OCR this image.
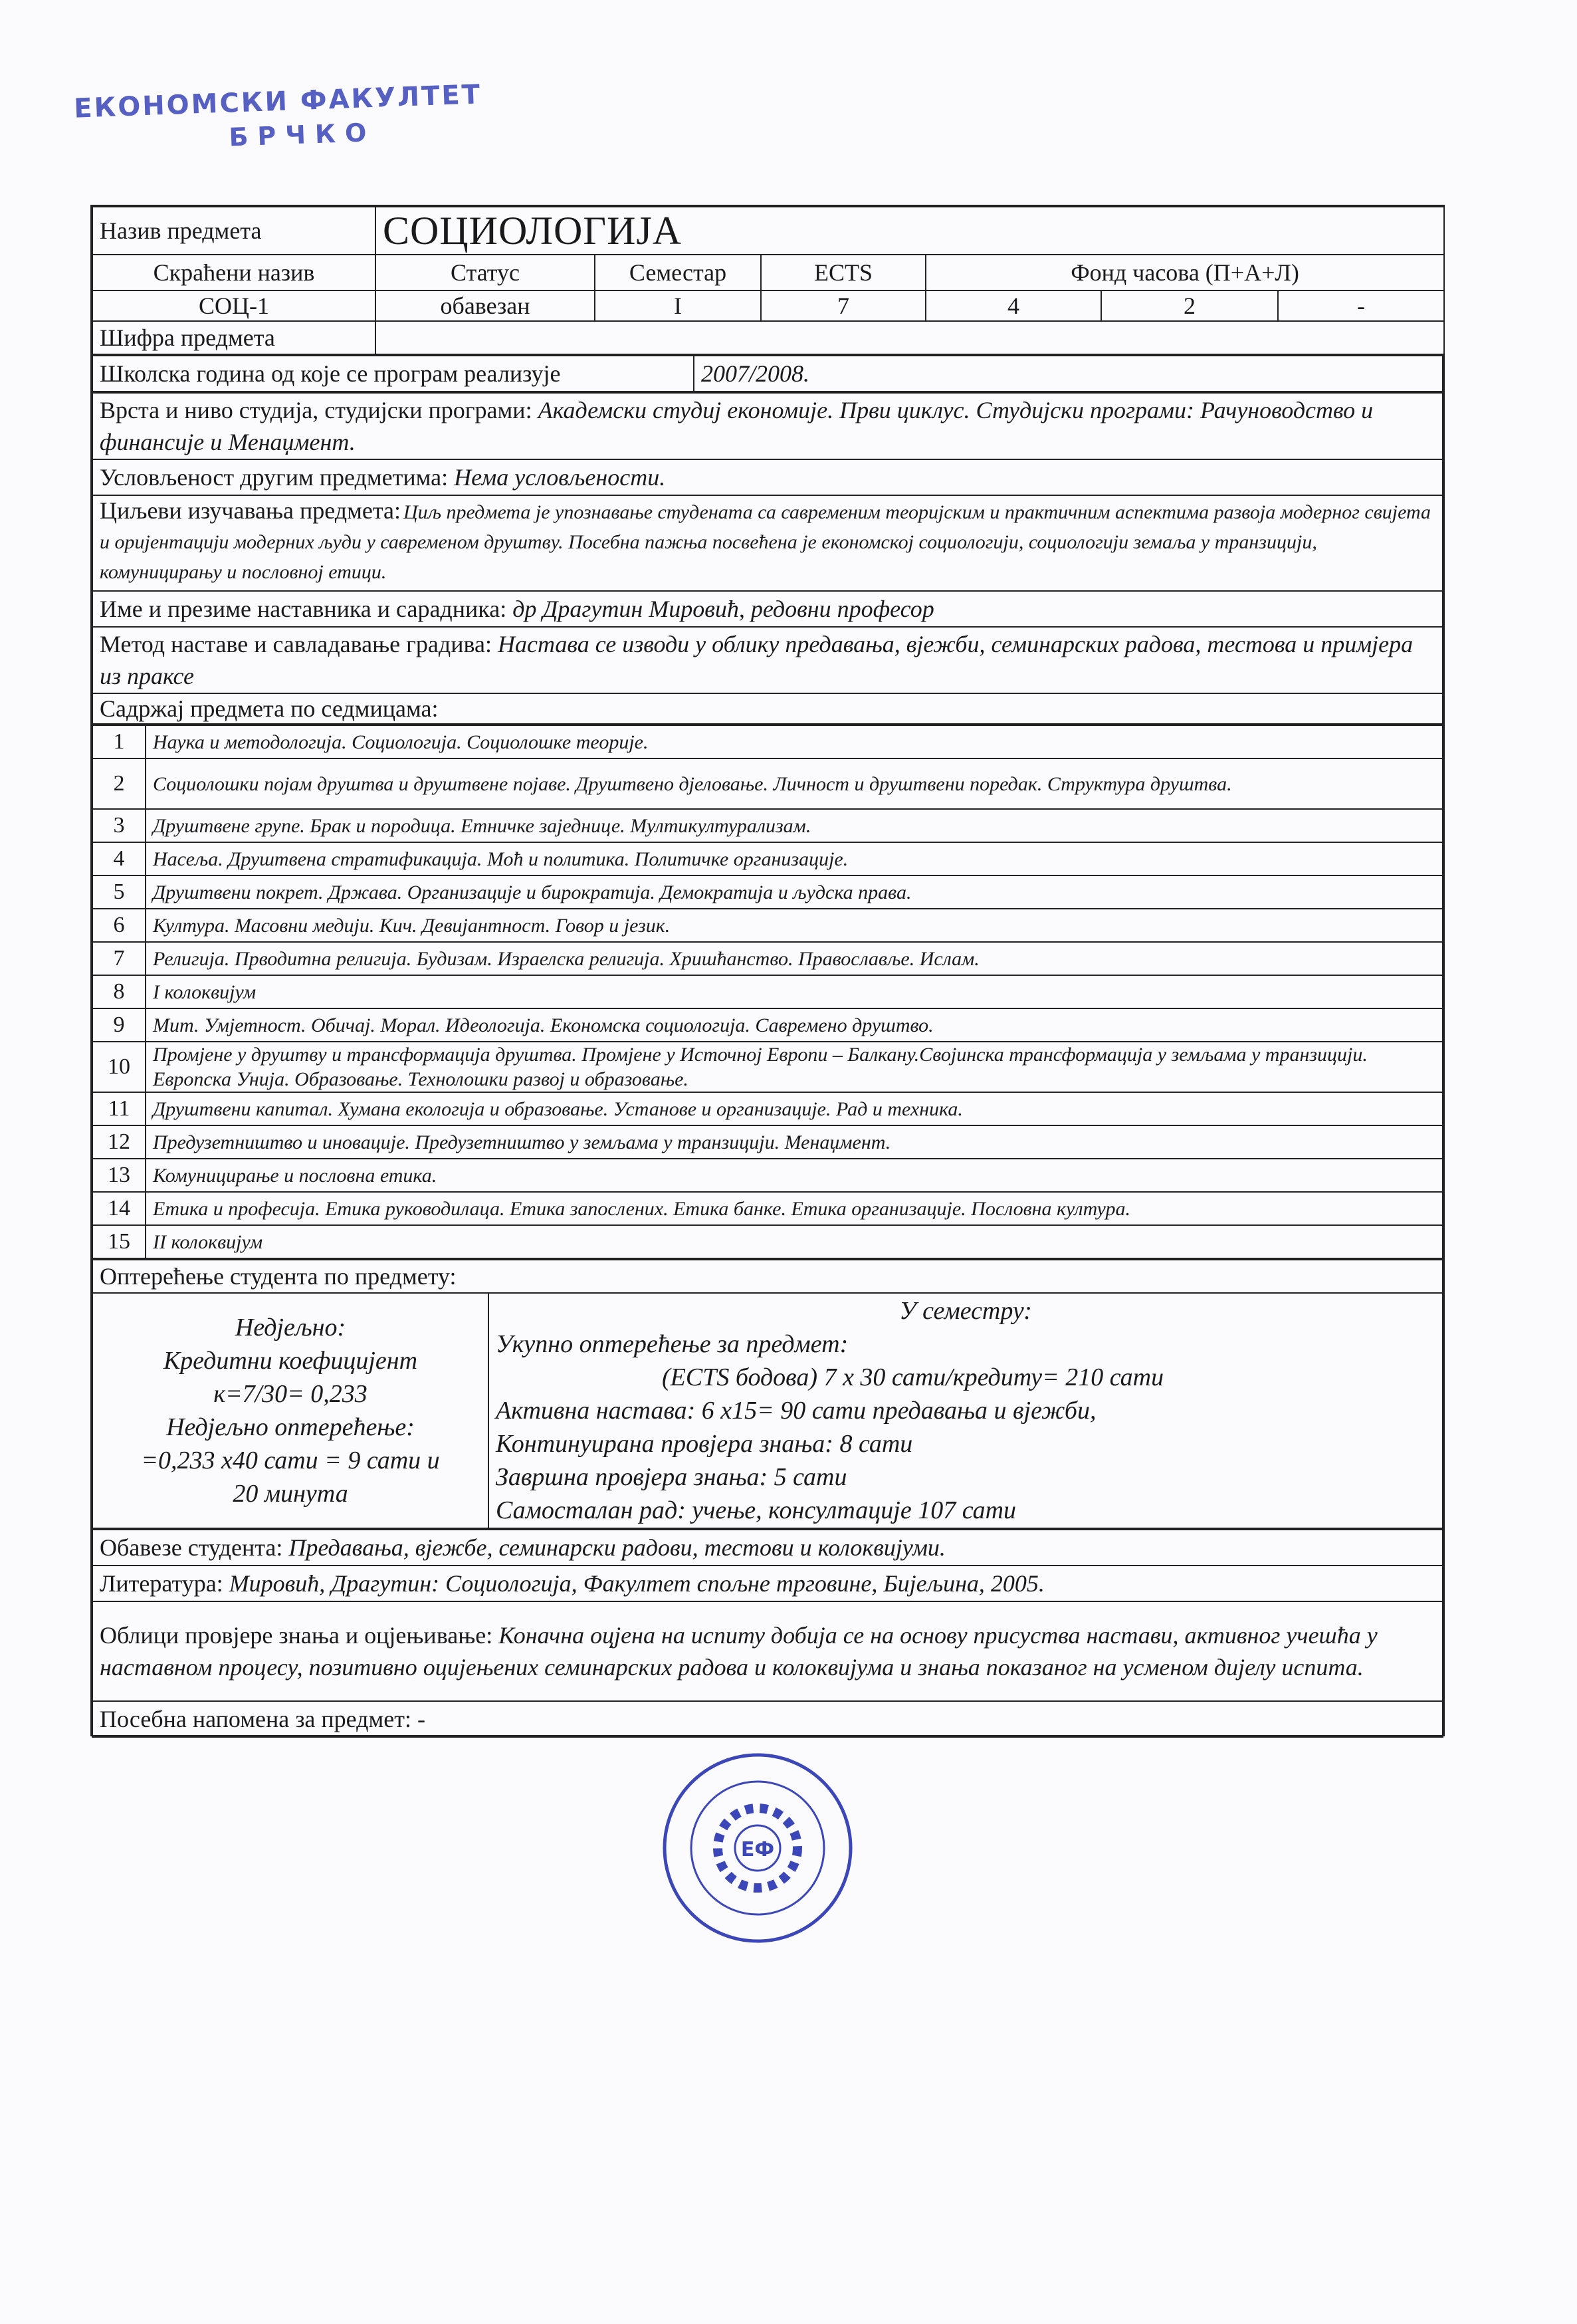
ЕКОНОМСКИ ФАКУЛТЕТ
БРЧКО
Назив предмета	СОЦИОЛОГИЈА					
Скраћени назив	Статус	Семестар	ECTS	Фонд часова (П+А+Л)		
СОЦ-1	обавезан	I	7	4	2	-
Шифра предмета						
Школска година од које се програм реализује	2007/2008.
Врста и ниво студија, студијски програми: Академски студиј економије. Први циклус. Студијски програми: Рачуноводство и финансије и Менаџмент.
Условљеност другим предметима: Нема условљености.
Циљеви изучавања предмета: Циљ предмета је упознавање студената са савременим теоријским и практичним аспектима развоја модерног свијета и оријентацији модерних људи у савременом друштву. Посебна пажња посвећена је економској социологији, социологији земаља у транзицији, комуницирању и пословној етици.
Име и презиме наставника и сарадника: др Драгутин Мировић, редовни професор
Метод наставе и савладавање градива: Настава се изводи у облику предавања, вјежби, семинарских радова, тестова и примјера из праксе
Садржај предмета по седмицама:
1	Наука и методологија. Социологија. Социолошке теорије.
2	Социолошки појам друштва и друштвене појаве. Друштвено дјеловање. Личност и друштвени поредак. Структура друштва.
3	Друштвене групе. Брак и породица. Етничке заједнице. Мултикултурализам.
4	Насеља. Друштвена стратификација. Моћ и политика. Политичке организације.
5	Друштвени покрет. Држава. Организације и бирократија. Демократија и људска права.
6	Култура. Масовни медији. Кич. Девијантност. Говор и језик.
7	Религија. Прводитна религија. Будизам. Израелска религија. Хришћанство. Православље. Ислам.
8	I колоквијум
9	Мит. Умјетност. Обичај. Морал. Идеологија. Економска социологија. Савремено друштво.
10	Промјене у друштву и трансформација друштва. Промјене у Источној Европи – Балкану.Својинска трансформација у земљама у транзицији. Европска Унија. Образовање. Технолошки развој и образовање.
11	Друштвени капитал. Хумана екологија и образовање. Установе и организације. Рад и техника.
12	Предузетништво и иновације. Предузетништво у земљама у транзицији. Менаџмент.
13	Комуницирање и пословна етика.
14	Етика и професија. Етика руководилаца. Етика запослених. Етика банке. Етика организације. Пословна култура.
15	II колоквијум
Оптерећење студента по предмету:

Недјељно:
Кредитни коефицијент
к=7/30= 0,233
Недјељно оптерећење:
=0,233 х40 сати = 9 сати и
20 минута

У семестру:
Укупно оптерећење за предмет:
(ECTS бодова) 7 х 30 сати/кредиту= 210 сати
Активна настава: 6 х15= 90 сати предавања и вјежби,
Континуирана провјера знања: 8 сати
Завршна провјера знања: 5 сати
Самосталан рад: учење, консултације 107 сати
Обавезе студента: Предавања, вјежбе, семинарски радови, тестови и колоквијуми.
Литература: Мировић, Драгутин: Социологија, Факултет спољне трговине, Бијељина, 2005.
Облици провјере знања и оцјењивање: Коначна оцјена на испиту добија се на основу присуства настави, активног учешћа у наставном процесу, позитивно оцијењених семинарских радова и колоквијума и знања показаног на усменом дијелу испита.
Посебна напомена за предмет: -
ЕФ
